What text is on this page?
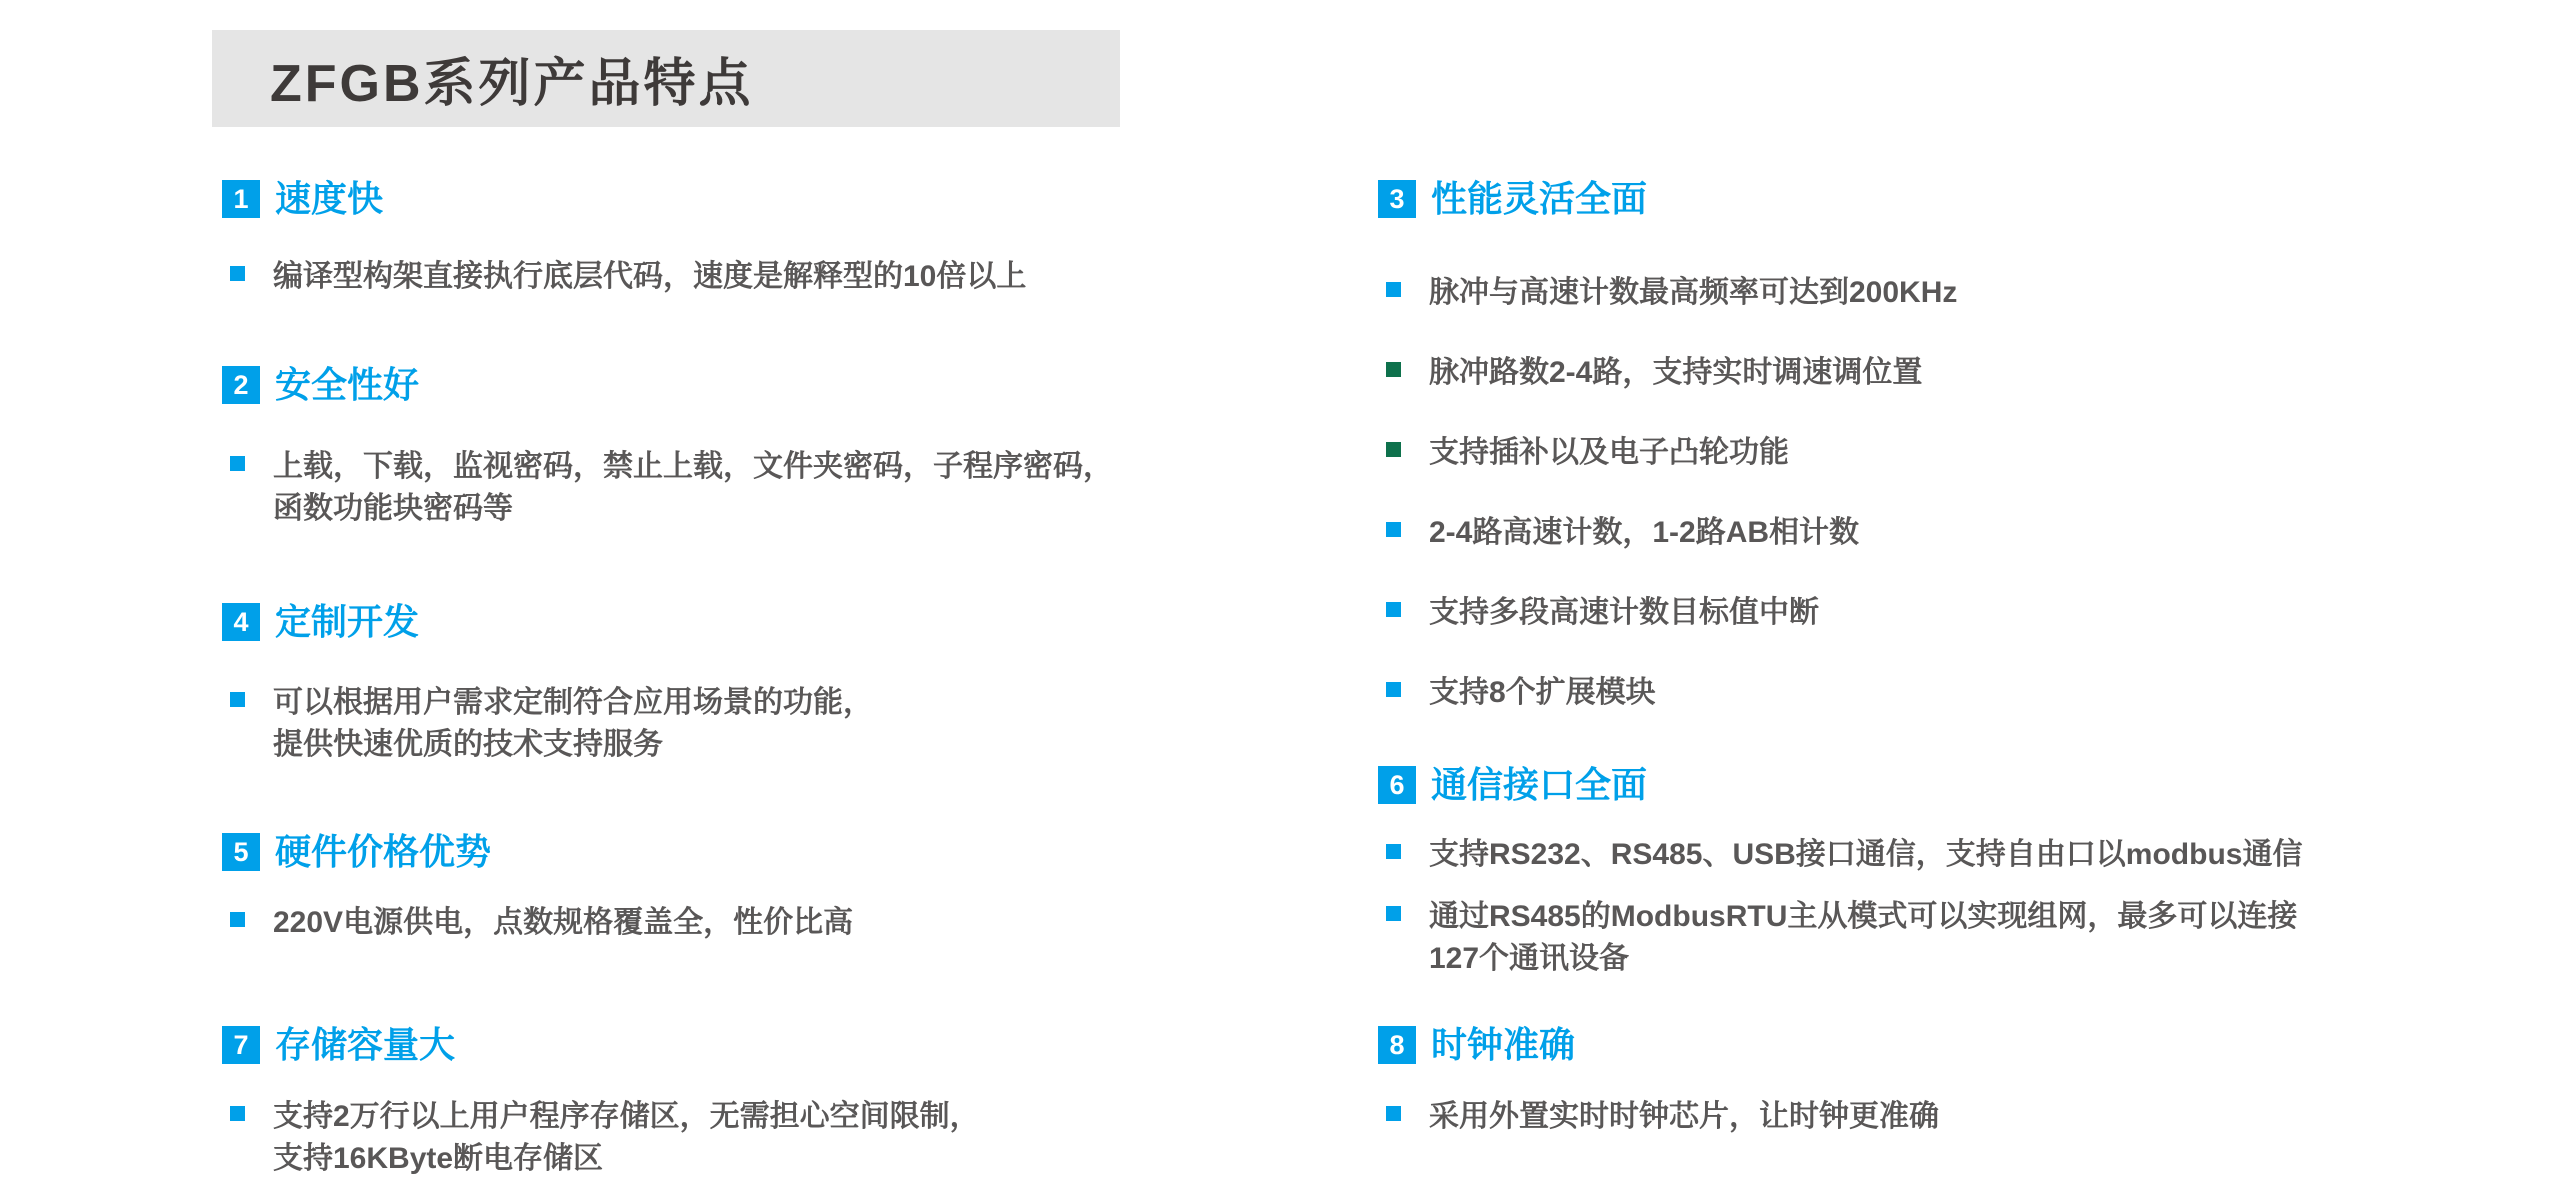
ZFGB系列产品特点
1 速度快
编译型构架直接执行底层代码，速度是解释型的10倍以上
2 安全性好
上载，下载，监视密码，禁止上载，文件夹密码，子程序密码，
函数功能块密码等
4 定制开发
可以根据用户需求定制符合应用场景的功能，
提供快速优质的技术支持服务
5 硬件价格优势
220V电源供电，点数规格覆盖全，性价比高
7 存储容量大
支持2万行以上用户程序存储区，无需担心空间限制，
支持16KByte断电存储区
3 性能灵活全面
脉冲与高速计数最高频率可达到200KHz
脉冲路数2-4路，支持实时调速调位置
支持插补以及电子凸轮功能
2-4路高速计数，1-2路AB相计数
支持多段高速计数目标值中断
支持8个扩展模块
6 通信接口全面
支持RS232、RS485、USB接口通信，支持自由口以modbus通信
通过RS485的ModbusRTU主从模式可以实现组网，最多可以连接
127个通讯设备
8 时钟准确
采用外置实时时钟芯片，让时钟更准确
